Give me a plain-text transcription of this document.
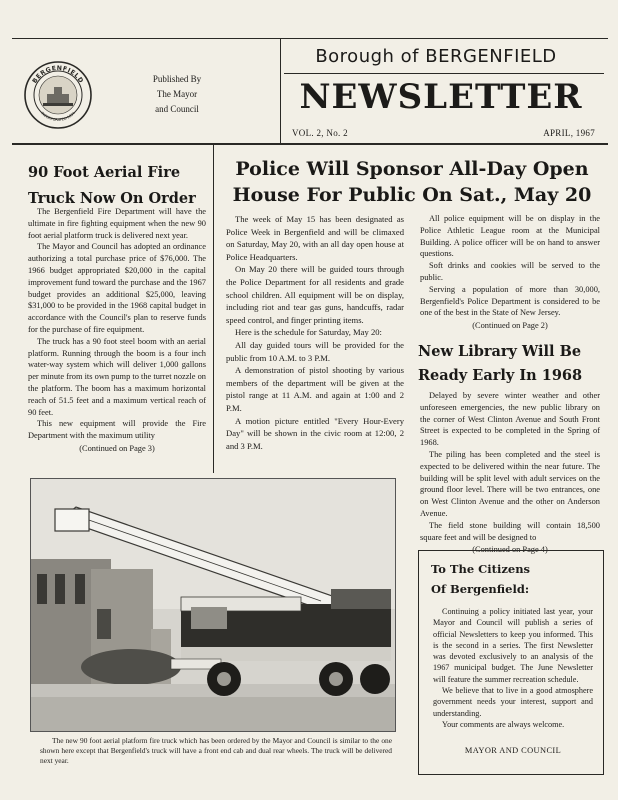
BERGENFIELD
INCORPORATED 1894
Published By
The Mayor
and Council
Borough of BERGENFIELD
NEWSLETTER
VOL. 2, No. 2	APRIL, 1967
90 Foot Aerial Fire Truck Now On Order

The Bergenfield Fire Department will have the ultimate in fire fighting equipment when the new 90 foot aerial platform truck is delivered next year.

The Mayor and Council has adopted an ordinance authorizing a total purchase price of $76,000. The 1966 budget appropriated $20,000 in the capital improvement fund toward the purchase and the 1967 budget provides an additional $25,000, leaving $31,000 to be provided in the 1968 capital budget in accordance with the Council's plan to reserve funds for the purchase of fire equipment.

The truck has a 90 foot steel boom with an aerial platform. Running through the boom is a four inch water-way system which will deliver 1,000 gallons per minute from its own pump to the turret nozzle on the platform. The boom has a maximum horizontal reach of 51.5 feet and a maximum vertical reach of 90 feet.

This new equipment will provide the Fire Department with the maximum utility

(Continued on Page 3)

Police Will Sponsor All-Day Open House For Public On Sat., May 20

The week of May 15 has been designated as Police Week in Bergenfield and will be climaxed on Saturday, May 20, with an all day open house at Police Headquarters.

On May 20 there will be guided tours through the Police Department for all residents and grade school children. All equipment will be on display, including riot and tear gas guns, handcuffs, radar speed control, and finger printing items.

Here is the schedule for Saturday, May 20:

All day guided tours will be provided for the public from 10 A.M. to 3 P.M.

A demonstration of pistol shooting by various members of the department will be given at the pistol range at 11 A.M. and again at 1:00 and 2 P.M.

A motion picture entitled "Every Hour-Every Day" will be shown in the civic room at 12:00, 2 and 3 P.M.

All police equipment will be on display in the Police Athletic League room at the Municipal Building. A police officer will be on hand to answer questions.

Soft drinks and cookies will be served to the public.

Serving a population of more than 30,000, Bergenfield's Police Department is considered to be one of the best in the State of New Jersey.

(Continued on Page 2)

New Library Will Be Ready Early In 1968

Delayed by severe winter weather and other unforeseen emergencies, the new public library on the corner of West Clinton Avenue and South Front Street is expected to be completed in the Spring of 1968.

The piling has been completed and the steel is expected to be delivered within the near future. The building will be split level with adult services on the ground floor level. There will be two entrances, one on West Clinton Avenue and the other on Anderson Avenue.

The field stone building will contain 18,500 square feet and will be designed to

(Continued on Page 4)

The new 90 foot aerial platform fire truck which has been ordered by the Mayor and Council is similar to the one shown here except that Bergenfield's truck will have a front end cab and dual rear wheels. The truck will be delivered next year.
To The Citizens
Of Bergenfield:

Continuing a policy initiated last year, your Mayor and Council will publish a series of official Newsletters to keep you informed. This is the second in a series. The first Newsletter was devoted exclusively to an analysis of the 1967 municipal budget. The June Newsletter will feature the summer recreation schedule.

We believe that to live in a good atmosphere government needs your interest, support and understanding.

Your comments are always welcome.

MAYOR AND COUNCIL
